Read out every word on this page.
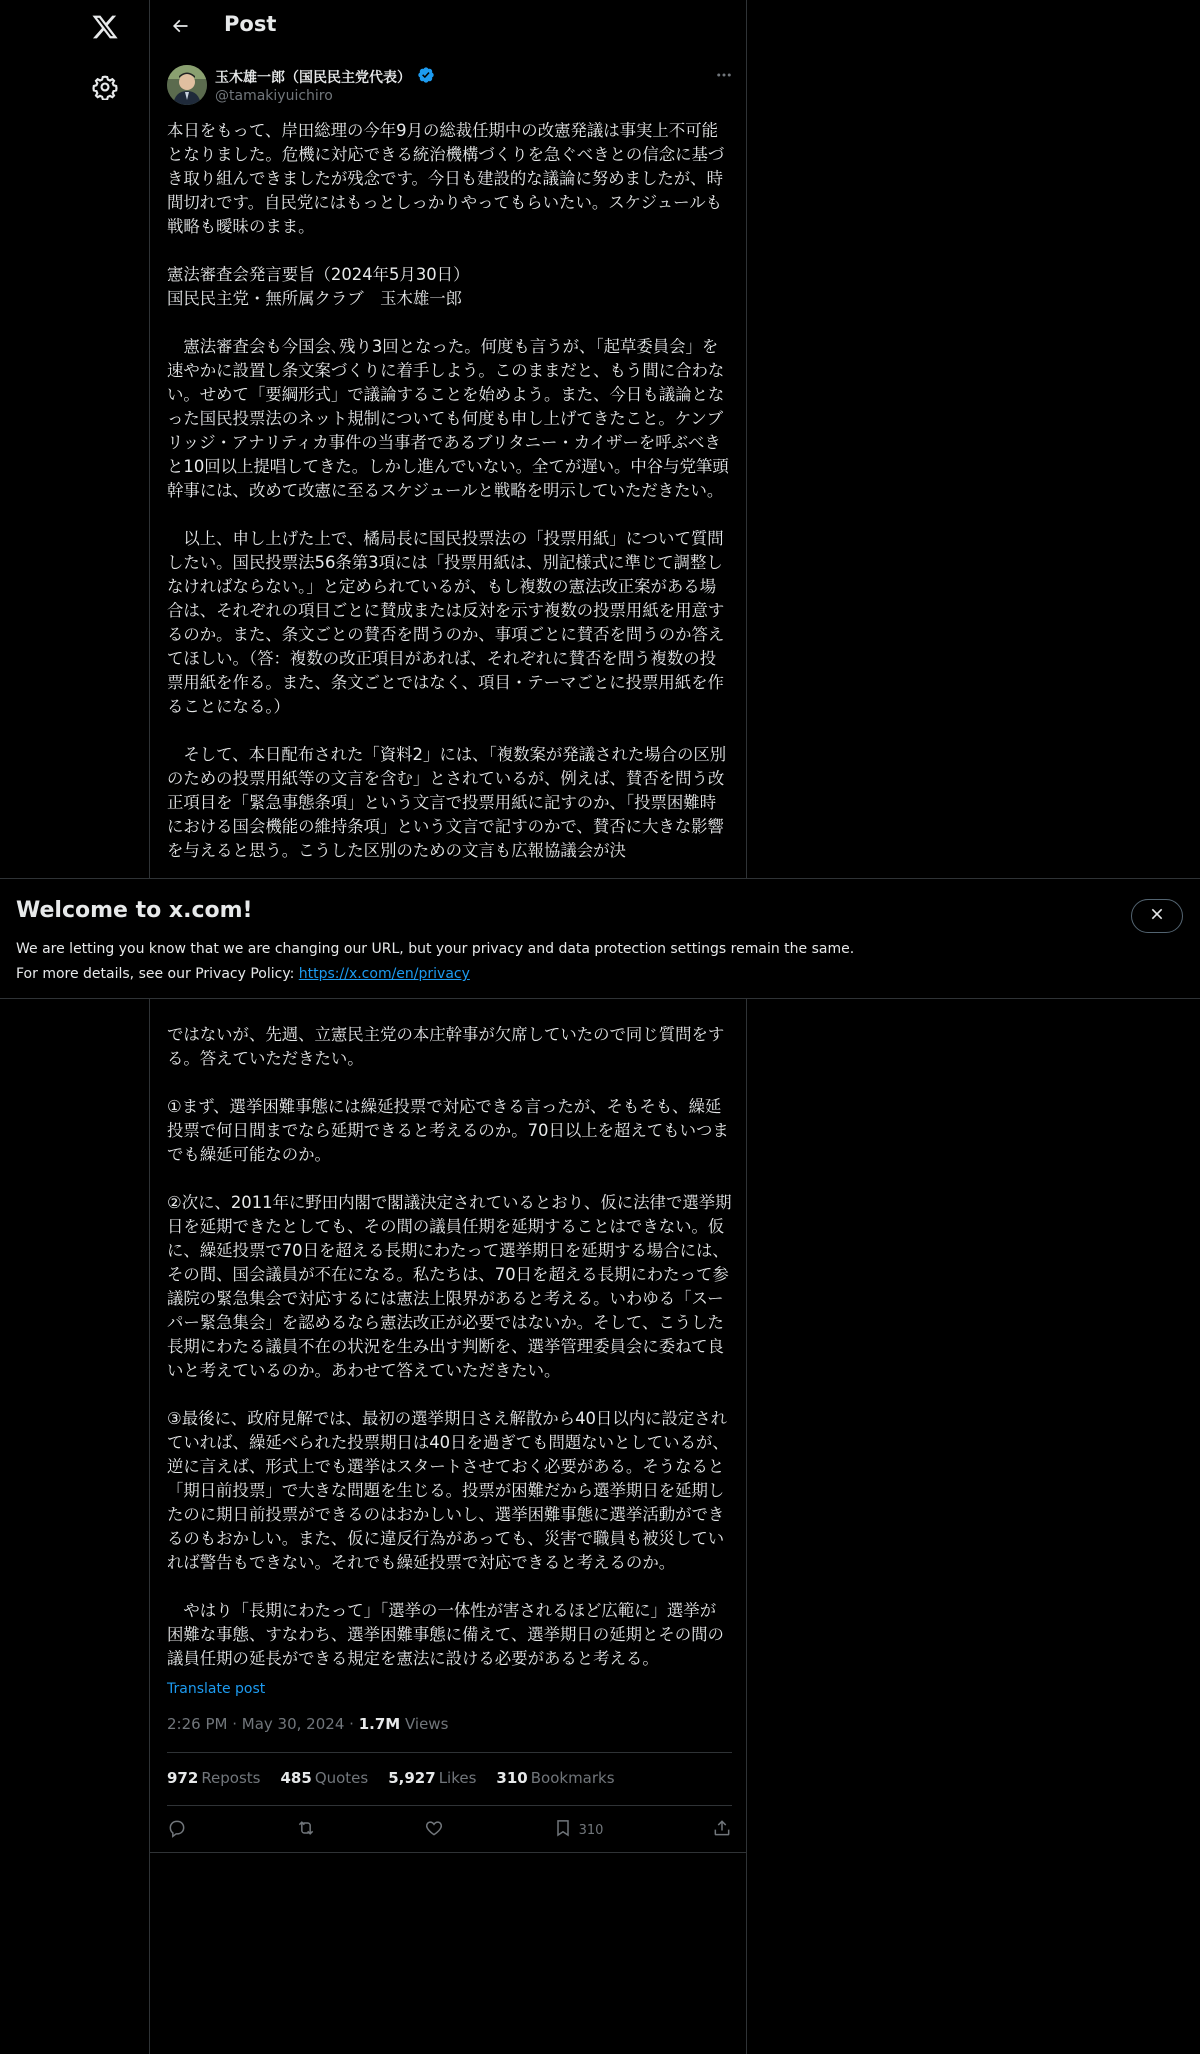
Post
玉木雄一郎（国民民主党代表）
@tamakiyuichiro
本日をもって、岸田総理の今年9月の総裁任期中の改憲発議は事実上不可能となりました。危機に対応できる統治機構づくりを急ぐべきとの信念に基づき取り組んできましたが残念です。今日も建設的な議論に努めましたが、時間切れです。自民党にはもっとしっかりやってもらいたい。スケジュールも戦略も曖昧のまま。

憲法審査会発言要旨（2024年5月30日）
国民民主党・無所属クラブ　玉木雄一郎

　憲法審査会も今国会､残り3回となった。何度も言うが、「起草委員会」を速やかに設置し条文案づくりに着手しよう。このままだと、もう間に合わない。せめて「要綱形式」で議論することを始めよう。また、今日も議論となった国民投票法のネット規制についても何度も申し上げてきたこと。ケンブリッジ・アナリティカ事件の当事者であるブリタニー・カイザーを呼ぶべきと10回以上提唱してきた。しかし進んでいない。全てが遅い。中谷与党筆頭幹事には、改めて改憲に至るスケジュールと戦略を明示していただきたい。

　以上、申し上げた上で、橘局長に国民投票法の「投票用紙」について質問したい。国民投票法56条第3項には「投票用紙は、別記様式に準じて調整しなければならない。」と定められているが、もし複数の憲法改正案がある場合は、それぞれの項目ごとに賛成または反対を示す複数の投票用紙を用意するのか。また、条文ごとの賛否を問うのか、事項ごとに賛否を問うのか答えてほしい。（答：複数の改正項目があれば、それぞれに賛否を問う複数の投票用紙を作る。また、条文ごとではなく、項目・テーマごとに投票用紙を作ることになる。）

　そして、本日配布された「資料2」には、「複数案が発議された場合の区別のための投票用紙等の文言を含む」とされているが、例えば、賛否を問う改正項目を「緊急事態条項」という文言で投票用紙に記すのか、「投票困難時における国会機能の維持条項」という文言で記すのかで、賛否に大きな影響を与えると思う。こうした区別のための文言も広報協議会が決
ではないが、先週、立憲民主党の本庄幹事が欠席していたので同じ質問をする。答えていただきたい。

①まず、選挙困難事態には繰延投票で対応できる言ったが、そもそも、繰延投票で何日間までなら延期できると考えるのか。70日以上を超えてもいつまでも繰延可能なのか。

②次に、2011年に野田内閣で閣議決定されているとおり、仮に法律で選挙期日を延期できたとしても、その間の議員任期を延期することはできない。仮に、繰延投票で70日を超える長期にわたって選挙期日を延期する場合には、その間、国会議員が不在になる。私たちは、70日を超える長期にわたって参議院の緊急集会で対応するには憲法上限界があると考える。いわゆる「スーパー緊急集会」を認めるなら憲法改正が必要ではないか。そして、こうした長期にわたる議員不在の状況を生み出す判断を、選挙管理委員会に委ねて良いと考えているのか。あわせて答えていただきたい。

③最後に、政府見解では、最初の選挙期日さえ解散から40日以内に設定されていれば、繰延べられた投票期日は40日を過ぎても問題ないとしているが、逆に言えば、形式上でも選挙はスタートさせておく必要がある。そうなると「期日前投票」で大きな問題を生じる。投票が困難だから選挙期日を延期したのに期日前投票ができるのはおかしいし、選挙困難事態に選挙活動ができるのもおかしい。また、仮に違反行為があっても、災害で職員も被災していれば警告もできない。それでも繰延投票で対応できると考えるのか。

　やはり「長期にわたって」「選挙の一体性が害されるほど広範に」選挙が困難な事態、すなわち、選挙困難事態に備えて、選挙期日の延期とその間の議員任期の延長ができる規定を憲法に設ける必要があると考える。
Translate post
2:26 PM · May 30, 2024 · 1.7M Views
972 Reposts 485 Quotes 5,927 Likes 310 Bookmarks
310
Welcome to x.com!
We are letting you know that we are changing our URL, but your privacy and data protection settings remain the same.
For more details, see our Privacy Policy: https://x.com/en/privacy
